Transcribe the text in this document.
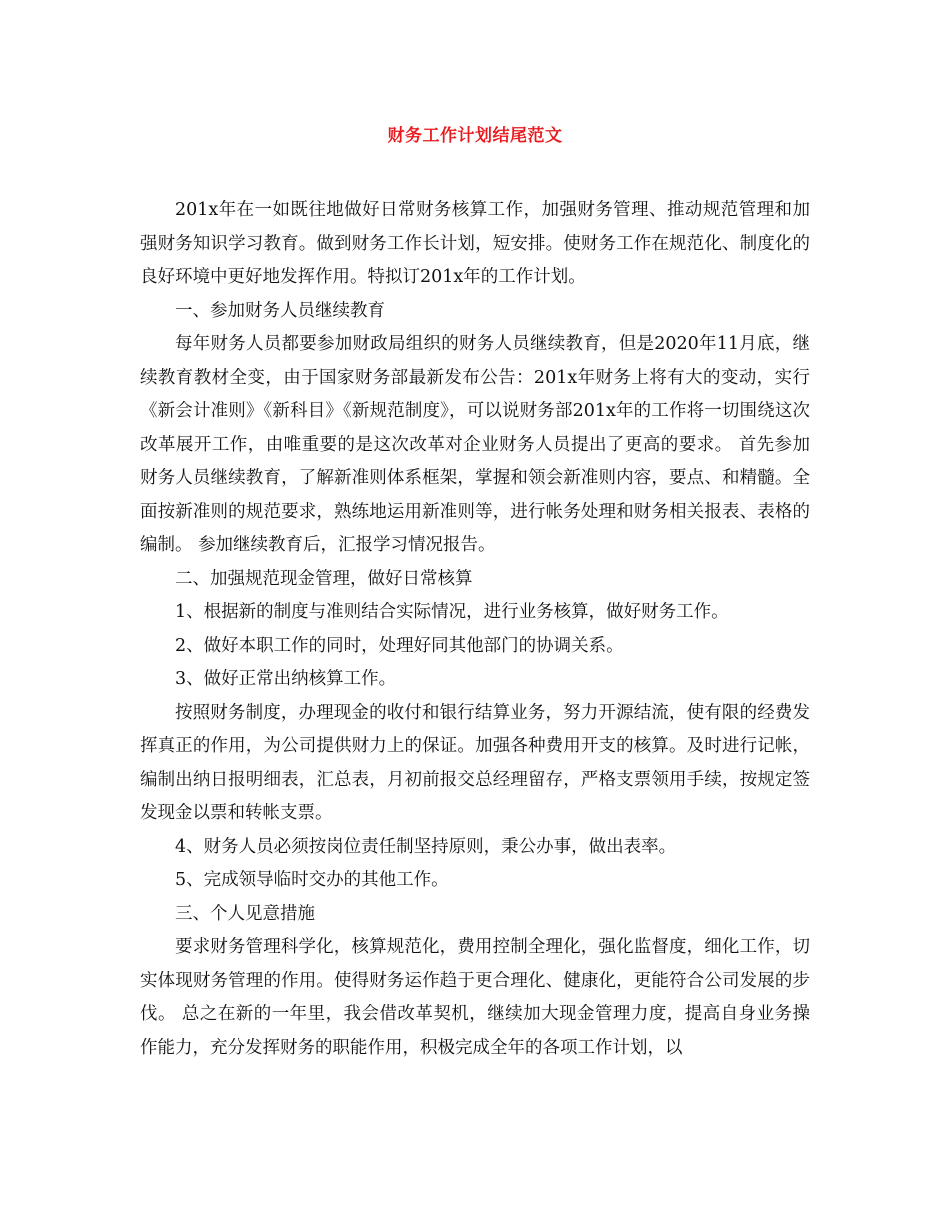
财务工作计划结尾范文

201x年在一如既往地做好日常财务核算工作，加强财务管理、推动规范管理和加强财务知识学习教育。做到财务工作长计划，短安排。使财务工作在规范化、制度化的良好环境中更好地发挥作用。特拟订201x年的工作计划。

一、参加财务人员继续教育

每年财务人员都要参加财政局组织的财务人员继续教育，但是2020年11月底，继续教育教材全变，由于国家财务部最新发布公告：201x年财务上将有大的变动，实行《新会计准则》《新科目》《新规范制度》，可以说财务部201x年的工作将一切围绕这次改革展开工作，由唯重要的是这次改革对企业财务人员提出了更高的要求。 首先参加财务人员继续教育，了解新准则体系框架，掌握和领会新准则内容，要点、和精髓。全面按新准则的规范要求，熟练地运用新准则等，进行帐务处理和财务相关报表、表格的编制。 参加继续教育后，汇报学习情况报告。

二、加强规范现金管理，做好日常核算

1、根据新的制度与准则结合实际情况，进行业务核算，做好财务工作。

2、做好本职工作的同时，处理好同其他部门的协调关系。

3、做好正常出纳核算工作。

按照财务制度，办理现金的收付和银行结算业务，努力开源结流，使有限的经费发挥真正的作用，为公司提供财力上的保证。加强各种费用开支的核算。及时进行记帐，编制出纳日报明细表，汇总表，月初前报交总经理留存，严格支票领用手续，按规定签发现金以票和转帐支票。

4、财务人员必须按岗位责任制坚持原则，秉公办事，做出表率。

5、完成领导临时交办的其他工作。

三、个人见意措施

要求财务管理科学化，核算规范化，费用控制全理化，强化监督度，细化工作，切实体现财务管理的作用。使得财务运作趋于更合理化、健康化，更能符合公司发展的步伐。 总之在新的一年里，我会借改革契机，继续加大现金管理力度，提高自身业务操作能力，充分发挥财务的职能作用，积极完成全年的各项工作计划，以
